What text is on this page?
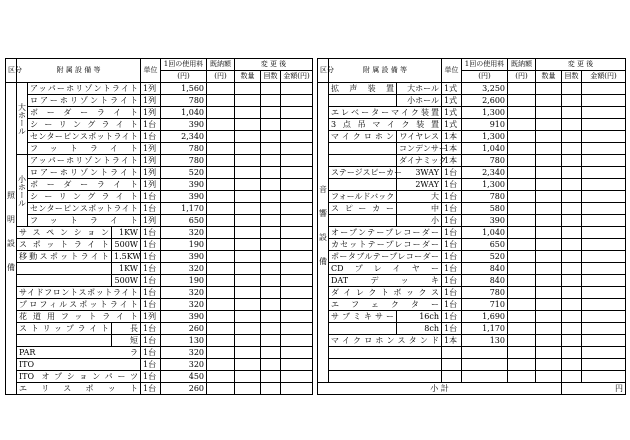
区分	附 属 設 備 等			単位	1回の使用料	既納額	変 更 後		
					(円)	(円)	数量	回数	金額(円)
照明設備	大ホール	アッパーホリゾントライト		1列	1,560				
		ロアーホリゾントライト		1列	780				
		ボーダーライト		1列	1,040				
		シーリングライト		1台	390				
		センターピンスポットライト		1台	2,340				
		フットライト		1列	780				
	小ホール	アッパーホリゾントライト		1列	780				
		ロアーホリゾントライト		1列	520				
		ボーダーライト		1列	390				
		シーリングライト		1台	390				
		センターピンスポットライト		1台	1,170				
		フットライト		1列	650				
	サスペンション		1KW	1台	320				
	スポットライト		500W	1台	190				
	移動スポットライト		1.5KW	1台	390				
			1KW	1台	320				
			500W	1台	190				
	サイドフロントスポットライト			1台	320				
	プロフィルスポットライト			1台	320				
	花道用フットライト			1列	390				
	ストリップライト		長	1台	260				
			短	1台	130				
	PARラ			1台	320				
	ITO			1台	320				
	ITO オプションパーツ			1台	450				
	エリスポット			1台	260				
区分	附 属 設 備 等		単位	1回の使用料	既納額	変 更 後		
				(円)	(円)	数量	回数	金額(円)
音響設備	拡声装置	大ホール	1式	3,250				
		小ホール	1式	2,600				
	エレベーターマイク装置		1式	1,300				
	3点吊マイク装置		1式	910				
	マイクロホン	ワイヤレス	1本	1,300				
		コンデンサー	1本	1,040				
		ダイナミック	1本	780				
	ステージスピーカー	3WAY	1台	2,340				
		2WAY	1台	1,300				
	フォールドバック	大	1台	780				
	スピーカー	中	1台	580				
		小	1台	390				
	オープンテープレコーダー		1台	1,040				
	カセットテープレコーダー		1台	650				
	ポータブルテープレコーダー		1台	520				
	CDプレイヤー		1台	840				
	DATデッキ		1台	840				
	ダイレクトボックス		1台	780				
	エフェクター		1台	710				
	サブミキサー	16ch	1台	1,690				
		8ch	1台	1,170				
	マイクロホンスタンド		1本	130				

小 計							円	
